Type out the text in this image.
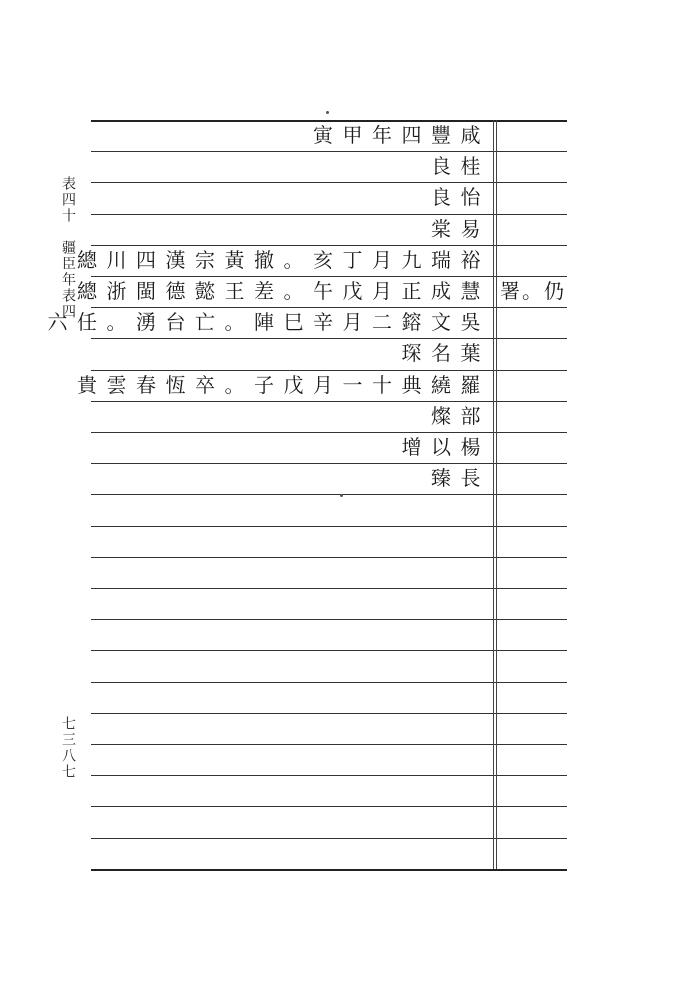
表四十　疆臣年表四
七三八七
寅甲年四豐咸
良桂
良怡
棠易
總川四漢宗黃撤。亥丁月九瑞裕
總浙閩德懿王差。午戊月正成慧 署。仍
六任。湧台亡。陣巳辛月二鎔文吳
琛名葉
貴雲春恆卒。子戊月一十典繞羅
燦部
增以楊
臻長
